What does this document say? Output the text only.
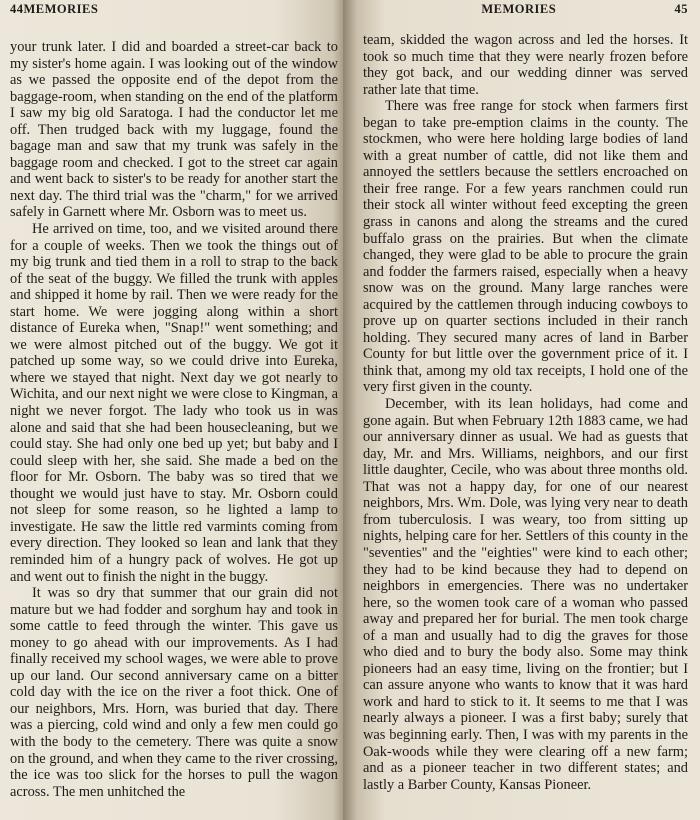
44 MEMORIES

your trunk later. I did and boarded a street-car back to my sister's home again. I was looking out of the window as we passed the opposite end of the depot from the baggage-room, when standing on the end of the platform I saw my big old Saratoga. I had the conductor let me off. Then trudged back with my luggage, found the bagage man and saw that my trunk was safely in the baggage room and checked. I got to the street car again and went back to sister's to be ready for another start the next day. The third trial was the "charm," for we arrived safely in Garnett where Mr. Osborn was to meet us.

He arrived on time, too, and we visited around there for a couple of weeks. Then we took the things out of my big trunk and tied them in a roll to strap to the back of the seat of the buggy. We filled the trunk with apples and shipped it home by rail. Then we were ready for the start home. We were jogging along within a short distance of Eureka when, "Snap!" went something; and we were almost pitched out of the buggy. We got it patched up some way, so we could drive into Eureka, where we stayed that night. Next day we got nearly to Wichita, and our next night we were close to Kingman, a night we never forgot. The lady who took us in was alone and said that she had been housecleaning, but we could stay. She had only one bed up yet; but baby and I could sleep with her, she said. She made a bed on the floor for Mr. Osborn. The baby was so tired that we thought we would just have to stay. Mr. Osborn could not sleep for some reason, so he lighted a lamp to investigate. He saw the little red varmints coming from every direction. They looked so lean and lank that they reminded him of a hungry pack of wolves. He got up and went out to finish the night in the buggy.

It was so dry that summer that our grain did not mature but we had fodder and sorghum hay and took in some cattle to feed through the winter. This gave us money to go ahead with our improvements. As I had finally received my school wages, we were able to prove up our land. Our second anniversary came on a bitter cold day with the ice on the river a foot thick. One of our neighbors, Mrs. Horn, was buried that day. There was a piercing, cold wind and only a few men could go with the body to the cemetery. There was quite a snow on the ground, and when they came to the river crossing, the ice was too slick for the horses to pull the wagon across. The men unhitched the

MEMORIES	45

team, skidded the wagon across and led the horses. It took so much time that they were nearly frozen before they got back, and our wedding dinner was served rather late that time.

There was free range for stock when farmers first began to take pre-emption claims in the county. The stockmen, who were here holding large bodies of land with a great number of cattle, did not like them and annoyed the settlers because the settlers encroached on their free range. For a few years ranchmen could run their stock all winter without feed excepting the green grass in canons and along the streams and the cured buffalo grass on the prairies. But when the climate changed, they were glad to be able to procure the grain and fodder the farmers raised, especially when a heavy snow was on the ground. Many large ranches were acquired by the cattlemen through inducing cowboys to prove up on quarter sections included in their ranch holding. They secured many acres of land in Barber County for but little over the government price of it. I think that, among my old tax receipts, I hold one of the very first given in the county.

December, with its lean holidays, had come and gone again. But when February 12th 1883 came, we had our anniversary dinner as usual. We had as guests that day, Mr. and Mrs. Williams, neighbors, and our first little daughter, Cecile, who was about three months old. That was not a happy day, for one of our nearest neighbors, Mrs. Wm. Dole, was lying very near to death from tuberculosis. I was weary, too from sitting up nights, helping care for her. Settlers of this county in the "seventies" and the "eighties" were kind to each other; they had to be kind because they had to depend on neighbors in emergencies. There was no undertaker here, so the women took care of a woman who passed away and prepared her for burial. The men took charge of a man and usually had to dig the graves for those who died and to bury the body also. Some may think pioneers had an easy time, living on the frontier; but I can assure anyone who wants to know that it was hard work and hard to stick to it. It seems to me that I was nearly always a pioneer. I was a first baby; surely that was beginning early. Then, I was with my parents in the Oak-woods while they were clearing off a new farm; and as a pioneer teacher in two different states; and lastly a Barber County, Kansas Pioneer.
